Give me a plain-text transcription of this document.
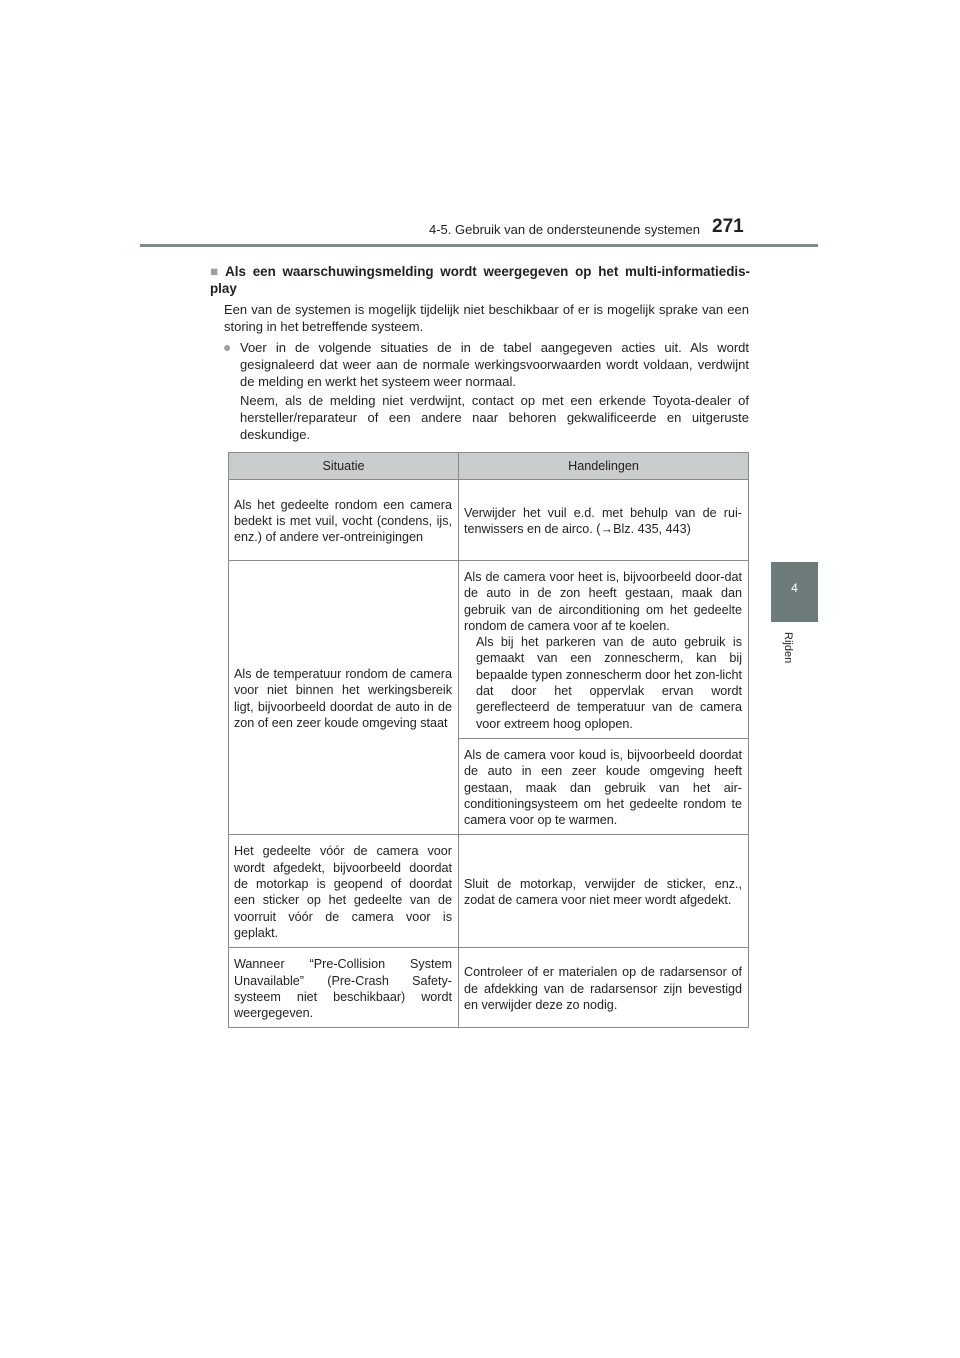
4-5. Gebruik van de ondersteunende systemen 271
4
Rijden
■ Als een waarschuwingsmelding wordt weergegeven op het multi-informatiedis-play
Een van de systemen is mogelijk tijdelijk niet beschikbaar of er is mogelijk sprake van een storing in het betreffende systeem.
● Voer in de volgende situaties de in de tabel aangegeven acties uit. Als wordt gesignaleerd dat weer aan de normale werkingsvoorwaarden wordt voldaan, verdwijnt de melding en werkt het systeem weer normaal.
Neem, als de melding niet verdwijnt, contact op met een erkende Toyota-dealer of hersteller/reparateur of een andere naar behoren gekwalificeerde en uitgeruste deskundige.
Situatie	Handelingen
Als het gedeelte rondom een camera bedekt is met vuil, vocht (condens, ijs, enz.) of andere ver-ontreinigingen	Verwijder het vuil e.d. met behulp van de rui-tenwissers en de airco. (→Blz. 435, 443)
Als de temperatuur rondom de camera voor niet binnen het werkingsbereik ligt, bijvoorbeeld doordat de auto in de zon of een zeer koude omgeving staat	Als de camera voor heet is, bijvoorbeeld door-dat de auto in de zon heeft gestaan, maak dan gebruik van de airconditioning om het gedeelte rondom de camera voor af te koelen.
Als bij het parkeren van de auto gebruik is gemaakt van een zonnescherm, kan bij bepaalde typen zonnescherm door het zon-licht dat door het oppervlak ervan wordt gereflecteerd de temperatuur van de camera voor extreem hoog oplopen.

	Als de camera voor koud is, bijvoorbeeld doordat de auto in een zeer koude omgeving heeft gestaan, maak dan gebruik van het air-conditioningsysteem om het gedeelte rondom te camera voor op te warmen.
Het gedeelte vóór de camera voor wordt afgedekt, bijvoorbeeld doordat de motorkap is geopend of doordat een sticker op het gedeelte van de voorruit vóór de camera voor is geplakt.	Sluit de motorkap, verwijder de sticker, enz., zodat de camera voor niet meer wordt afgedekt.
Wanneer “Pre-Collision System Unavailable” (Pre-Crash Safety-systeem niet beschikbaar) wordt weergegeven.	Controleer of er materialen op de radarsensor of de afdekking van de radarsensor zijn bevestigd en verwijder deze zo nodig.
